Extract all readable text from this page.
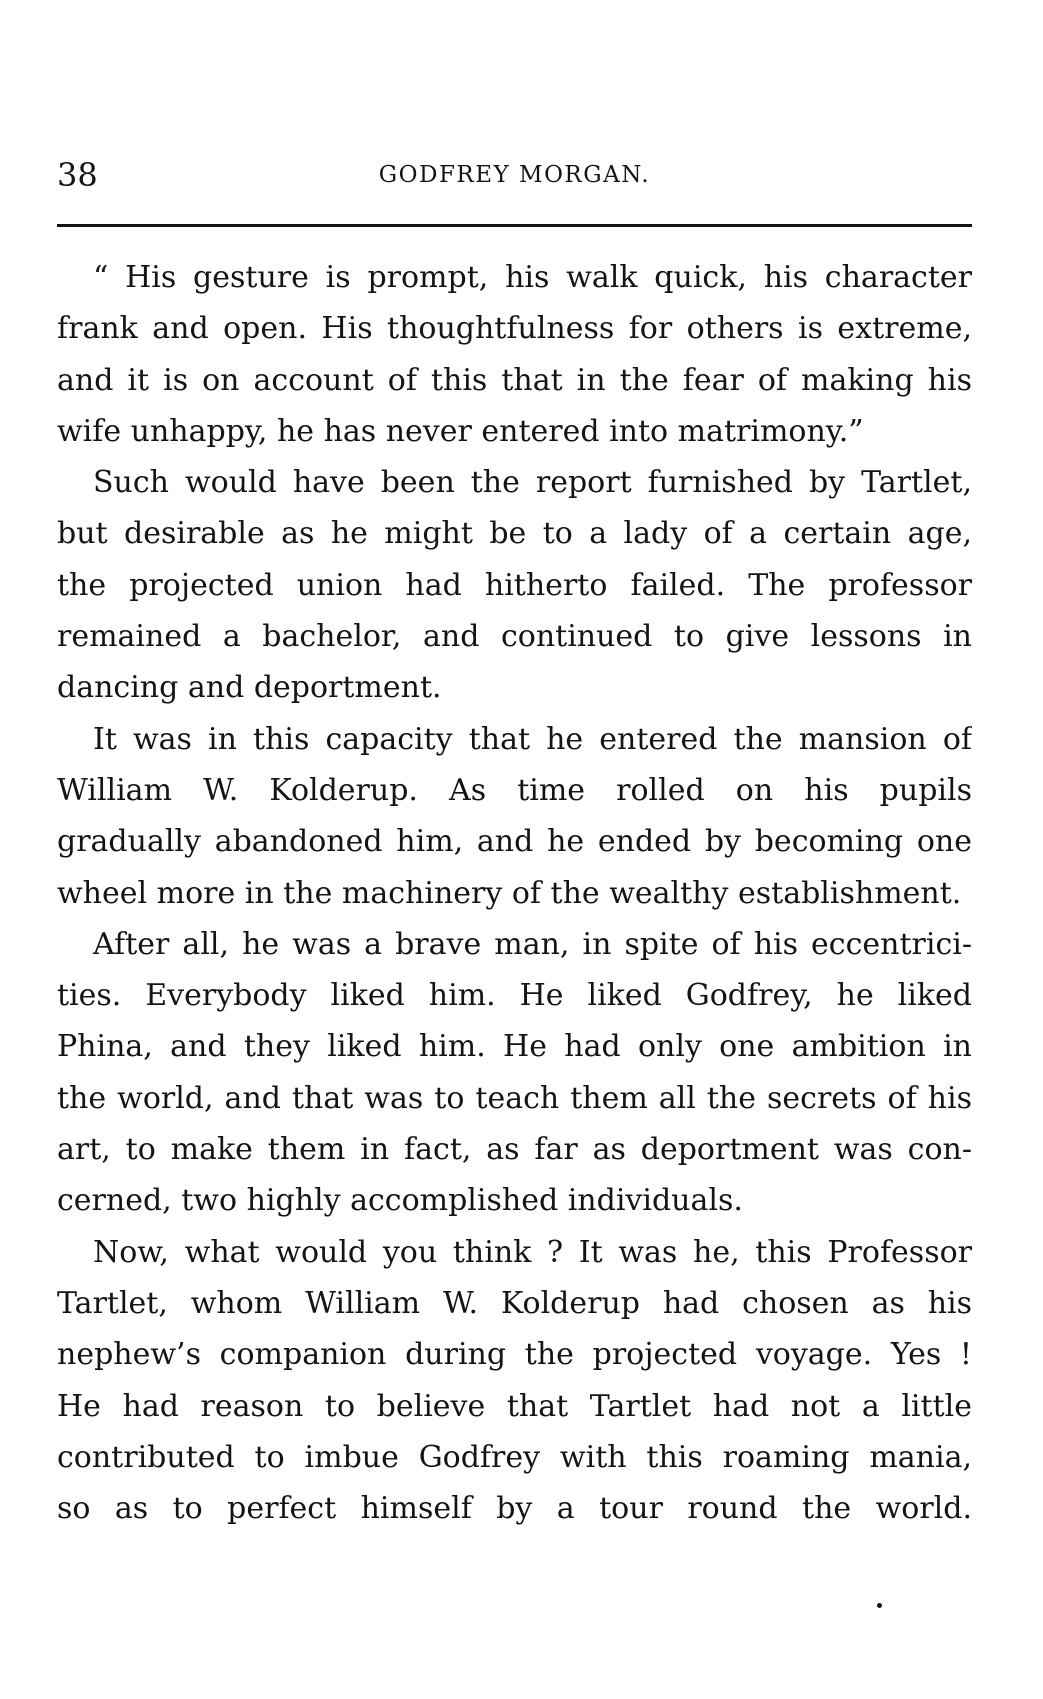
38	GODFREY MORGAN.
“ His gesture is prompt, his walk quick, his character
frank and open. His thoughtfulness for others is extreme,
and it is on account of this that in the fear of making his
wife unhappy, he has never entered into matrimony.”
Such would have been the report furnished by Tartlet,
but desirable as he might be to a lady of a certain age,
the projected union had hitherto failed. The professor
remained a bachelor, and continued to give lessons in
dancing and deportment.
It was in this capacity that he entered the mansion of
William W. Kolderup. As time rolled on his pupils
gradually abandoned him, and he ended by becoming one
wheel more in the machinery of the wealthy establishment.
After all, he was a brave man, in spite of his eccentrici-
ties. Everybody liked him. He liked Godfrey, he liked
Phina, and they liked him. He had only one ambition in
the world, and that was to teach them all the secrets of his
art, to make them in fact, as far as deportment was con-
cerned, two highly accomplished individuals.
Now, what would you think ? It was he, this Professor
Tartlet, whom William W. Kolderup had chosen as his
nephew’s companion during the projected voyage. Yes !
He had reason to believe that Tartlet had not a little
contributed to imbue Godfrey with this roaming mania,
so as to perfect himself by a tour round the world.
